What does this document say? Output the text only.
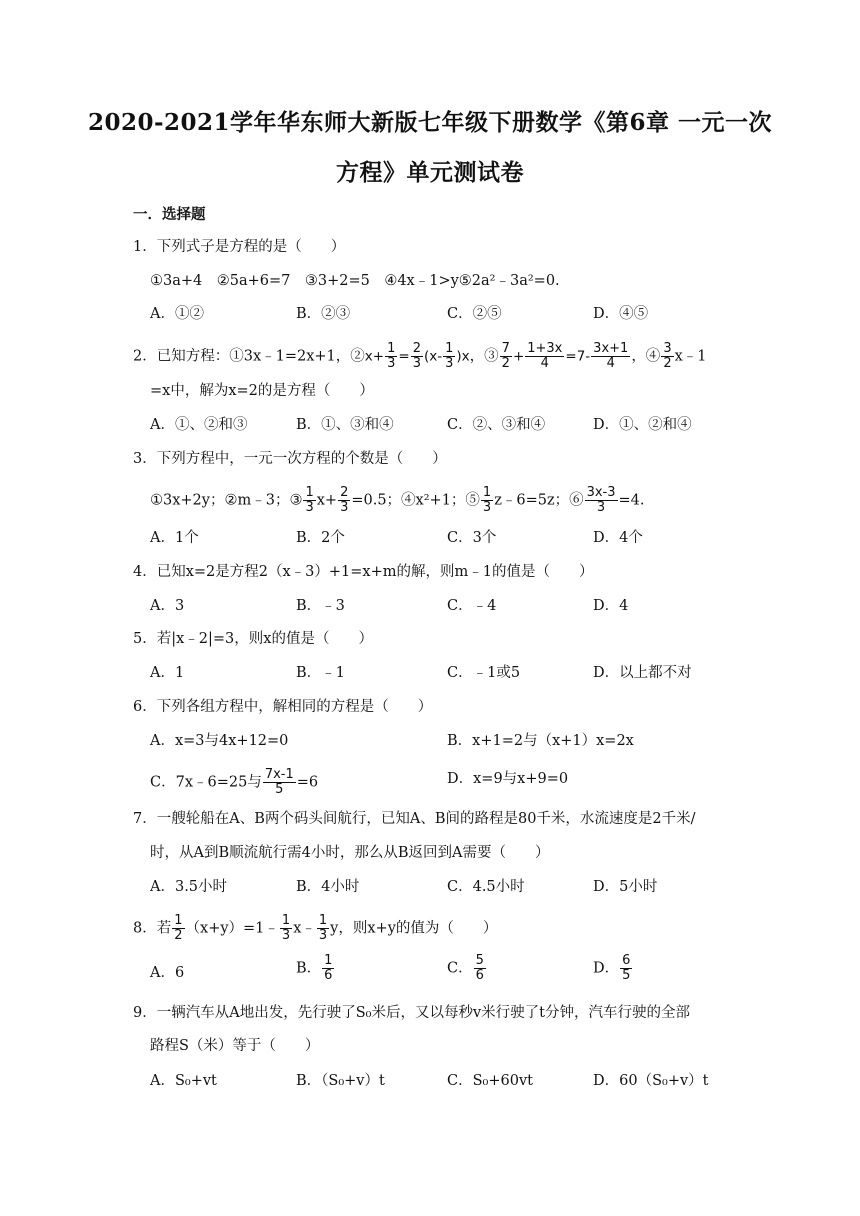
2020-2021学年华东师大新版七年级下册数学《第6章 一元一次
方程》单元测试卷
一．选择题
1．下列式子是方程的是（　　）
①3a+4　②5a+6=7　③3+2=5　④4x﹣1>y⑤2a²﹣3a²=0.
A．①②	B．②③	C．②⑤	D．④⑤
2．已知方程：①3x﹣1=2x+1，②x+ $\frac{1}{3} = \frac{2}{3} (x- \frac{1}{3} )x$，③ $\frac{7}{2} + \frac{1+3x}{4} =7- \frac{3x+1}{4}$ ，④ $\frac{3}{2}$ x﹣1
=x中，解为x=2的是方程（　　）
A．①、②和③	B．①、③和④	C．②、③和④	D．①、②和④
3．下列方程中，一元一次方程的个数是（　　）
①3x+2y；②m﹣3；③ $\frac{1}{3} x+ \frac{2}{3} =0.5$；④x²+1；⑤ $\frac{1}{3}$ z﹣6=5z；⑥ $\frac{3x-3}{3} =4$.
A．1个	B．2个	C．3个	D．4个
4．已知x=2是方程2（x﹣3）+1=x+m的解，则m﹣1的值是（　　）
A．3	B．﹣3	C．﹣4	D．4
5．若|x﹣2|=3，则x的值是（　　）
A．1	B．﹣1	C．﹣1或5	D．以上都不对
6．下列各组方程中，解相同的方程是（　　）
A．x=3与4x+12=0	B．x+1=2与（x+1）x=2x
C．7x﹣6=25与 $\frac{7x-1}{5} =6$	D．x=9与x+9=0
7．一艘轮船在A、B两个码头间航行，已知A、B间的路程是80千米，水流速度是2千米/
时，从A到B顺流航行需4小时，那么从B返回到A需要（　　）
A．3.5小时	B．4小时	C．4.5小时	D．5小时
8．若 $\frac{1}{2}$ （x+y）=1﹣ $\frac{1}{3}$ x﹣ $\frac{1}{3}$ y，则x+y的值为（　　）
A．6	B． $\frac{1}{6}$	C． $\frac{5}{6}$	D． $\frac{6}{5}$
9．一辆汽车从A地出发，先行驶了S₀米后，又以每秒v米行驶了t分钟，汽车行驶的全部
路程S（米）等于（　　）
A．S₀+vt	B．（S₀+v）t	C．S₀+60vt	D．60（S₀+v）t
